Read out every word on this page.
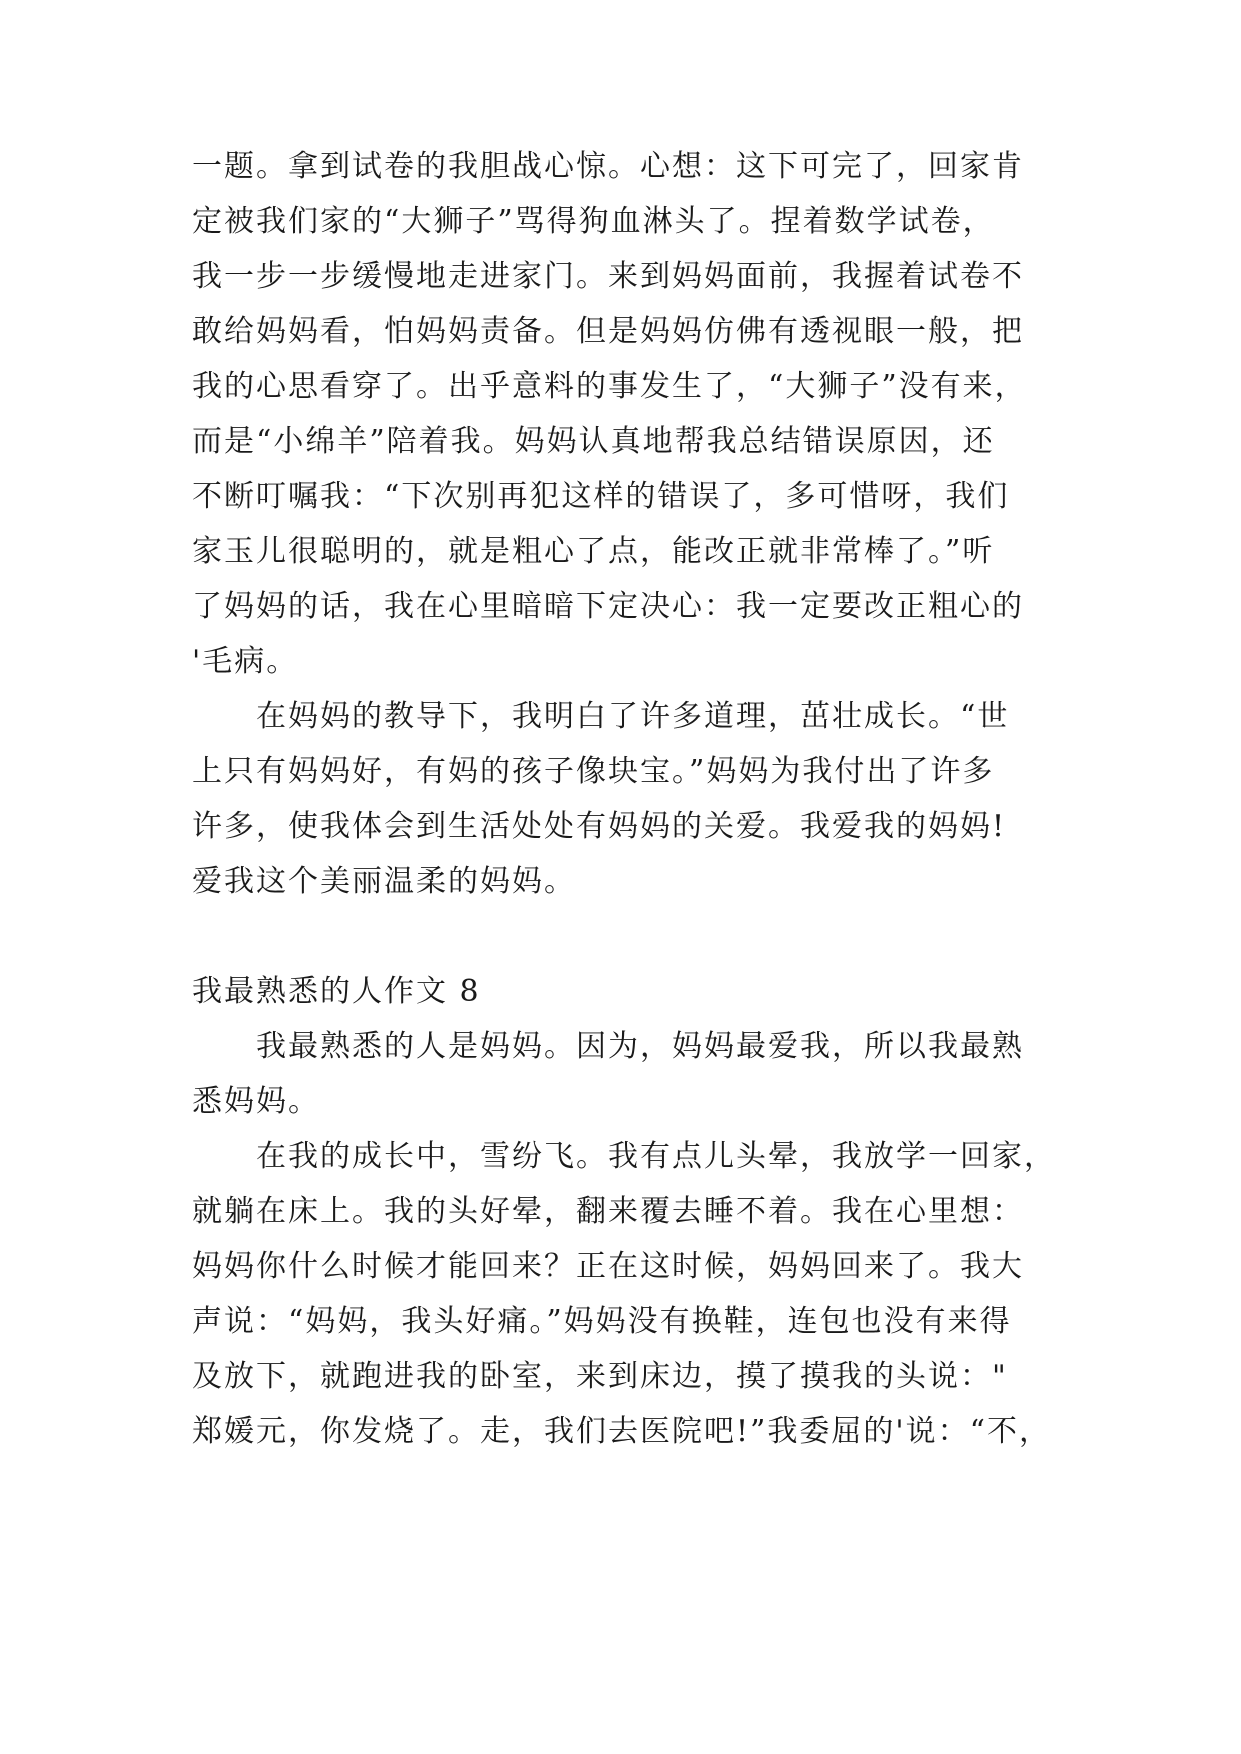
一题。拿到试卷的我胆战心惊。心想：这下可完了，回家肯
定被我们家的“大狮子”骂得狗血淋头了。捏着数学试卷，
我一步一步缓慢地走进家门。来到妈妈面前，我握着试卷不
敢给妈妈看，怕妈妈责备。但是妈妈仿佛有透视眼一般，把
我的心思看穿了。出乎意料的事发生了，“大狮子”没有来，
而是“小绵羊”陪着我。妈妈认真地帮我总结错误原因，还
不断叮嘱我：“下次别再犯这样的错误了，多可惜呀，我们
家玉儿很聪明的，就是粗心了点，能改正就非常棒了。”听
了妈妈的话，我在心里暗暗下定决心：我一定要改正粗心的
'毛病。
在妈妈的教导下，我明白了许多道理，茁壮成长。“世
上只有妈妈好，有妈的孩子像块宝。”妈妈为我付出了许多
许多，使我体会到生活处处有妈妈的关爱。我爱我的妈妈!
爱我这个美丽温柔的妈妈。
我最熟悉的人作文 8
我最熟悉的人是妈妈。因为，妈妈最爱我，所以我最熟
悉妈妈。
在我的成长中，雪纷飞。我有点儿头晕，我放学一回家，
就躺在床上。我的头好晕，翻来覆去睡不着。我在心里想：
妈妈你什么时候才能回来？正在这时候，妈妈回来了。我大
声说：“妈妈，我头好痛。”妈妈没有换鞋，连包也没有来得
及放下，就跑进我的卧室，来到床边，摸了摸我的头说："
郑媛元，你发烧了。走，我们去医院吧!”我委屈的'说：“不，
